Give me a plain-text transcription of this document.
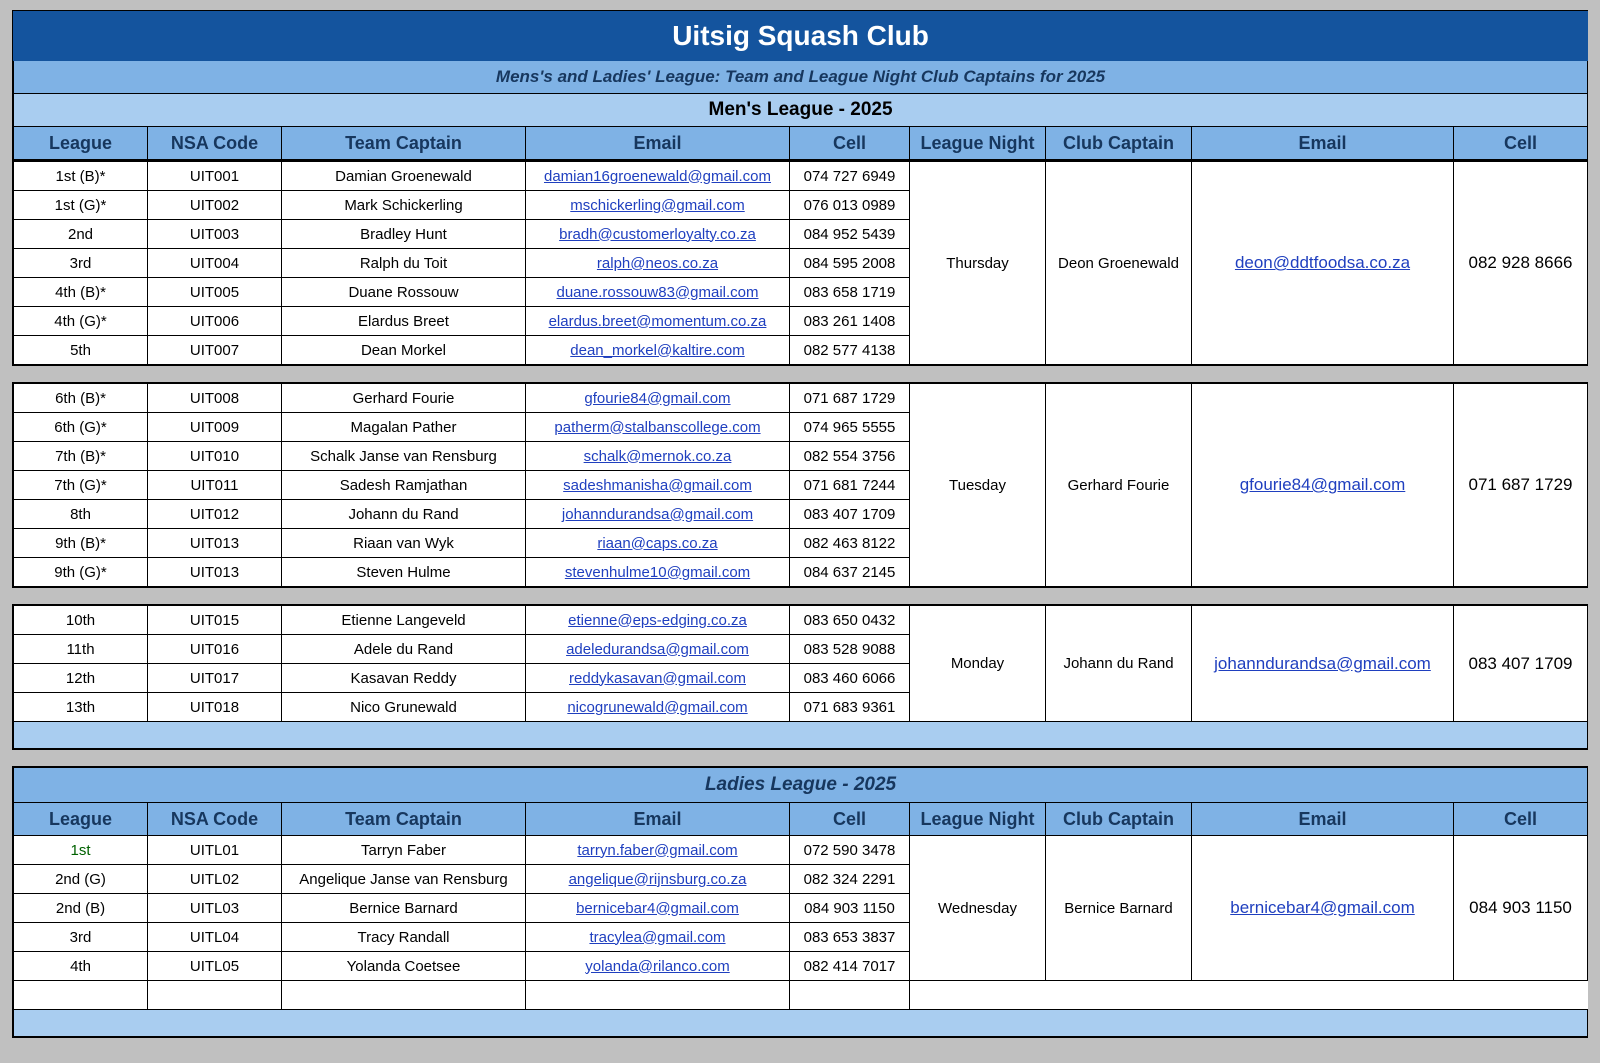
Uitsig Squash Club
Mens's and Ladies' League: Team and League Night Club Captains for 2025
Men's League - 2025
League	NSA Code	Team Captain	Email	Cell	League Night	Club Captain	Email	Cell
1st (B)*	UIT001	Damian Groenewald	damian16groenewald@gmail.com	074 727 6949	Thursday	Deon Groenewald	deon@ddtfoodsa.co.za	082 928 8666
1st (G)*	UIT002	Mark Schickerling	mschickerling@gmail.com	076 013 0989				
2nd	UIT003	Bradley Hunt	bradh@customerloyalty.co.za	084 952 5439				
3rd	UIT004	Ralph du Toit	ralph@neos.co.za	084 595 2008				
4th (B)*	UIT005	Duane Rossouw	duane.rossouw83@gmail.com	083 658 1719				
4th (G)*	UIT006	Elardus Breet	elardus.breet@momentum.co.za	083 261 1408				
5th	UIT007	Dean Morkel	dean_morkel@kaltire.com	082 577 4138				
6th (B)*	UIT008	Gerhard Fourie	gfourie84@gmail.com	071 687 1729	Tuesday	Gerhard Fourie	gfourie84@gmail.com	071 687 1729
6th (G)*	UIT009	Magalan Pather	patherm@stalbanscollege.com	074 965 5555				
7th (B)*	UIT010	Schalk Janse van Rensburg	schalk@mernok.co.za	082 554 3756				
7th (G)*	UIT011	Sadesh Ramjathan	sadeshmanisha@gmail.com	071 681 7244				
8th	UIT012	Johann du Rand	johanndurandsa@gmail.com	083 407 1709				
9th (B)*	UIT013	Riaan van Wyk	riaan@caps.co.za	082 463 8122				
9th (G)*	UIT013	Steven Hulme	stevenhulme10@gmail.com	084 637 2145				
10th	UIT015	Etienne Langeveld	etienne@eps-edging.co.za	083 650 0432	Monday	Johann du Rand	johanndurandsa@gmail.com	083 407 1709
11th	UIT016	Adele du Rand	adeledurandsa@gmail.com	083 528 9088				
12th	UIT017	Kasavan Reddy	reddykasavan@gmail.com	083 460 6066				
13th	UIT018	Nico Grunewald	nicogrunewald@gmail.com	071 683 9361				

Ladies League - 2025								
League	NSA Code	Team Captain	Email	Cell	League Night	Club Captain	Email	Cell
1st	UITL01	Tarryn Faber	tarryn.faber@gmail.com	072 590 3478	Wednesday	Bernice Barnard	bernicebar4@gmail.com	084 903 1150
2nd (G)	UITL02	Angelique Janse van Rensburg	angelique@rijnsburg.co.za	082 324 2291				
2nd (B)	UITL03	Bernice Barnard	bernicebar4@gmail.com	084 903 1150				
3rd	UITL04	Tracy Randall	tracylea@gmail.com	083 653 3837				
4th	UITL05	Yolanda Coetsee	yolanda@rilanco.com	082 414 7017				
